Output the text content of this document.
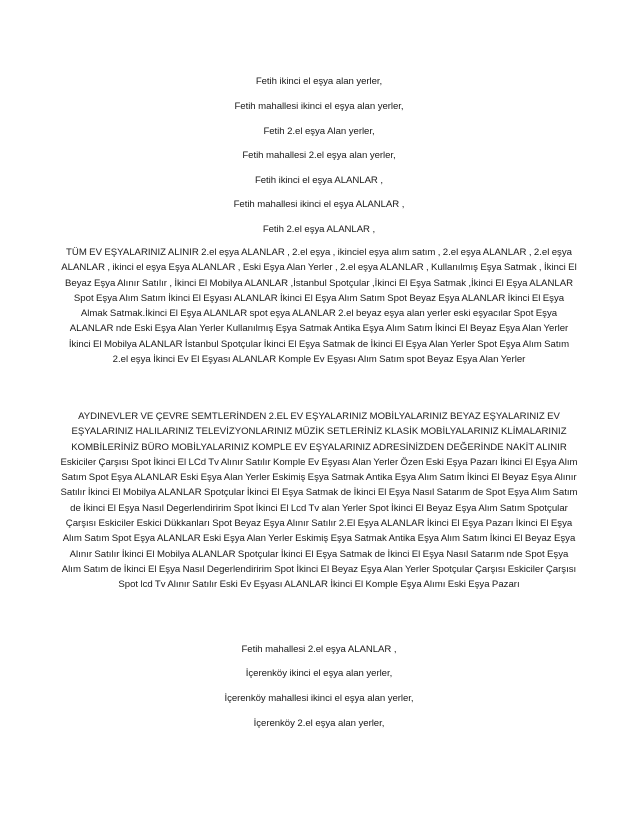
Fetih ikinci el eşya alan yerler,
Fetih mahallesi ikinci el eşya alan yerler,
Fetih 2.el eşya Alan yerler,
Fetih mahallesi 2.el eşya alan yerler,
Fetih ikinci el eşya ALANLAR ,
Fetih mahallesi ikinci el eşya ALANLAR ,
Fetih 2.el eşya ALANLAR ,

TÜM EV EŞYALARINIZ ALINIR 2.el eşya ALANLAR , 2.el eşya , ikinciel eşya alım satım , 2.el eşya ALANLAR , 2.el eşya ALANLAR , ikinci el eşya Eşya ALANLAR , Eski Eşya Alan Yerler , 2.el eşya ALANLAR , Kullanılmış Eşya Satmak , İkinci El Beyaz Eşya Alınır Satılır , İkinci El Mobilya ALANLAR ,İstanbul Spotçular ,İkinci El Eşya Satmak ,İkinci El Eşya ALANLAR Spot Eşya Alım Satım İkinci El Eşyası ALANLAR İkinci El Eşya Alım Satım Spot Beyaz Eşya ALANLAR İkinci El Eşya Almak Satmak.İkinci El Eşya ALANLAR spot eşya ALANLAR 2.el beyaz eşya alan yerler eski eşyacılar Spot Eşya ALANLAR nde Eski Eşya Alan Yerler Kullanılmış Eşya Satmak Antika Eşya Alım Satım İkinci El Beyaz Eşya Alan Yerler İkinci El Mobilya ALANLAR İstanbul Spotçular İkinci El Eşya Satmak de İkinci El Eşya Alan Yerler Spot Eşya Alım Satım 2.el eşya İkinci Ev El Eşyası ALANLAR Komple Ev Eşyası Alım Satım spot Beyaz Eşya Alan Yerler

AYDINEVLER VE ÇEVRE SEMTLERİNDEN 2.EL EV EŞYALARINIZ MOBİLYALARINIZ BEYAZ EŞYALARINIZ EV EŞYALARINIZ HALILARINIZ TELEVİZYONLARINIZ MÜZİK SETLERİNİZ KLASİK MOBİLYALARINIZ KLİMALARINIZ KOMBİLERİNİZ BÜRO MOBİLYALARINIZ KOMPLE EV EŞYALARINIZ ADRESİNİZDEN DEĞERİNDE NAKİT ALINIR Eskiciler Çarşısı Spot İkinci El LCd Tv Alınır Satılır Komple Ev Eşyası Alan Yerler Özen Eski Eşya Pazarı İkinci El Eşya Alım Satım Spot Eşya ALANLAR Eski Eşya Alan Yerler Eskimiş Eşya Satmak Antika Eşya Alım Satım İkinci El Beyaz Eşya Alınır Satılır İkinci El Mobilya ALANLAR Spotçular İkinci El Eşya Satmak de İkinci El Eşya Nasıl Satarım de Spot Eşya Alım Satım de İkinci El Eşya Nasıl Degerlendiririm Spot İkinci El Lcd Tv alan Yerler Spot İkinci El Beyaz Eşya Alım Satım Spotçular Çarşısı Eskiciler Eskici Dükkanları Spot Beyaz Eşya Alınır Satılır 2.El Eşya ALANLAR İkinci El Eşya Pazarı İkinci El Eşya Alım Satım Spot Eşya ALANLAR Eski Eşya Alan Yerler Eskimiş Eşya Satmak Antika Eşya Alım Satım İkinci El Beyaz Eşya Alınır Satılır İkinci El Mobilya ALANLAR Spotçular İkinci El Eşya Satmak de İkinci El Eşya Nasıl Satarım nde Spot Eşya Alım Satım de İkinci El Eşya Nasıl Degerlendiririm Spot İkinci El Beyaz Eşya Alan Yerler Spotçular Çarşısı Eskiciler Çarşısı Spot lcd Tv Alınır Satılır Eski Ev Eşyası ALANLAR İkinci El Komple Eşya Alımı Eski Eşya Pazarı

Fetih mahallesi 2.el eşya ALANLAR ,
İçerenköy ikinci el eşya alan yerler,
İçerenköy mahallesi ikinci el eşya alan yerler,
İçerenköy 2.el eşya alan yerler,
